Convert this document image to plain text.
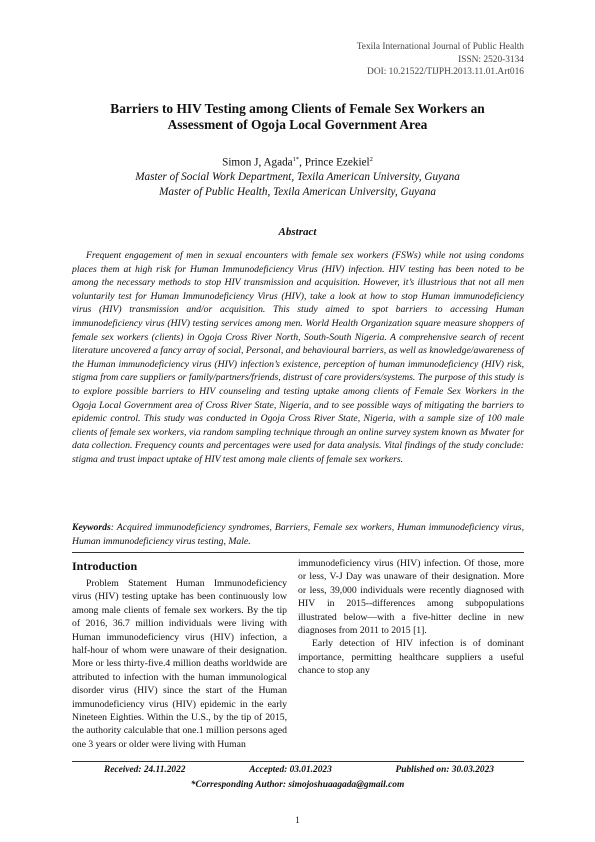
Texila International Journal of Public Health
ISSN: 2520-3134
DOI: 10.21522/TIJPH.2013.11.01.Art016
Barriers to HIV Testing among Clients of Female Sex Workers an Assessment of Ogoja Local Government Area
Simon J, Agada$^{1*}$, Prince Ezekiel$^2$
Master of Social Work Department, Texila American University, Guyana
Master of Public Health, Texila American University, Guyana
Abstract

Frequent engagement of men in sexual encounters with female sex workers (FSWs) while not using condoms places them at high risk for Human Immunodeficiency Virus (HIV) infection. HIV testing has been noted to be among the necessary methods to stop HIV transmission and acquisition. However, it’s illustrious that not all men voluntarily test for Human Immunodeficiency Virus (HIV), take a look at how to stop Human immunodeficiency virus (HIV) transmission and/or acquisition. This study aimed to spot barriers to accessing Human immunodeficiency virus (HIV) testing services among men. World Health Organization square measure shoppers of female sex workers (clients) in Ogoja Cross River North, South-South Nigeria. A comprehensive search of recent literature uncovered a fancy array of social, Personal, and behavioural barriers, as well as knowledge/awareness of the Human immunodeficiency virus (HIV) infection’s existence, perception of human immunodeficiency (HIV) risk, stigma from care suppliers or family/partners/friends, distrust of care providers/systems. The purpose of this study is to explore possible barriers to HIV counseling and testing uptake among clients of Female Sex Workers in the Ogoja Local Government area of Cross River State, Nigeria, and to see possible ways of mitigating the barriers to epidemic control. This study was conducted in Ogoja Cross River State, Nigeria, with a sample size of 100 male clients of female sex workers, via random sampling technique through an online survey system known as Mwater for data collection. Frequency counts and percentages were used for data analysis. Vital findings of the study conclude: stigma and trust impact uptake of HIV test among male clients of female sex workers.

Keywords: Acquired immunodeficiency syndromes, Barriers, Female sex workers, Human immunodeficiency virus, Human immunodeficiency virus testing, Male.

Introduction

Problem Statement Human Immunodeficiency virus (HIV) testing uptake has been continuously low among male clients of female sex workers. By the tip of 2016, 36.7 million individuals were living with Human immunodeficiency virus (HIV) infection, a half-hour of whom were unaware of their designation. More or less thirty-five.4 million deaths worldwide are attributed to infection with the human immunological disorder virus (HIV) since the start of the Human immunodeficiency virus (HIV) epidemic in the early Nineteen Eighties. Within the U.S., by the tip of 2015, the authority calculable that one.1 million persons aged one 3 years or older were living with Human

immunodeficiency virus (HIV) infection. Of those, more or less, V-J Day was unaware of their designation. More or less, 39,000 individuals were recently diagnosed with HIV in 2015--differences among subpopulations illustrated below—with a five-hitter decline in new diagnoses from 2011 to 2015 [1].

Early detection of HIV infection is of dominant importance, permitting healthcare suppliers a useful chance to stop any

Received: 24.11.2022	Accepted: 03.01.2023	Published on: 30.03.2023
*Corresponding Author: simojoshuaagada@gmail.com
1
